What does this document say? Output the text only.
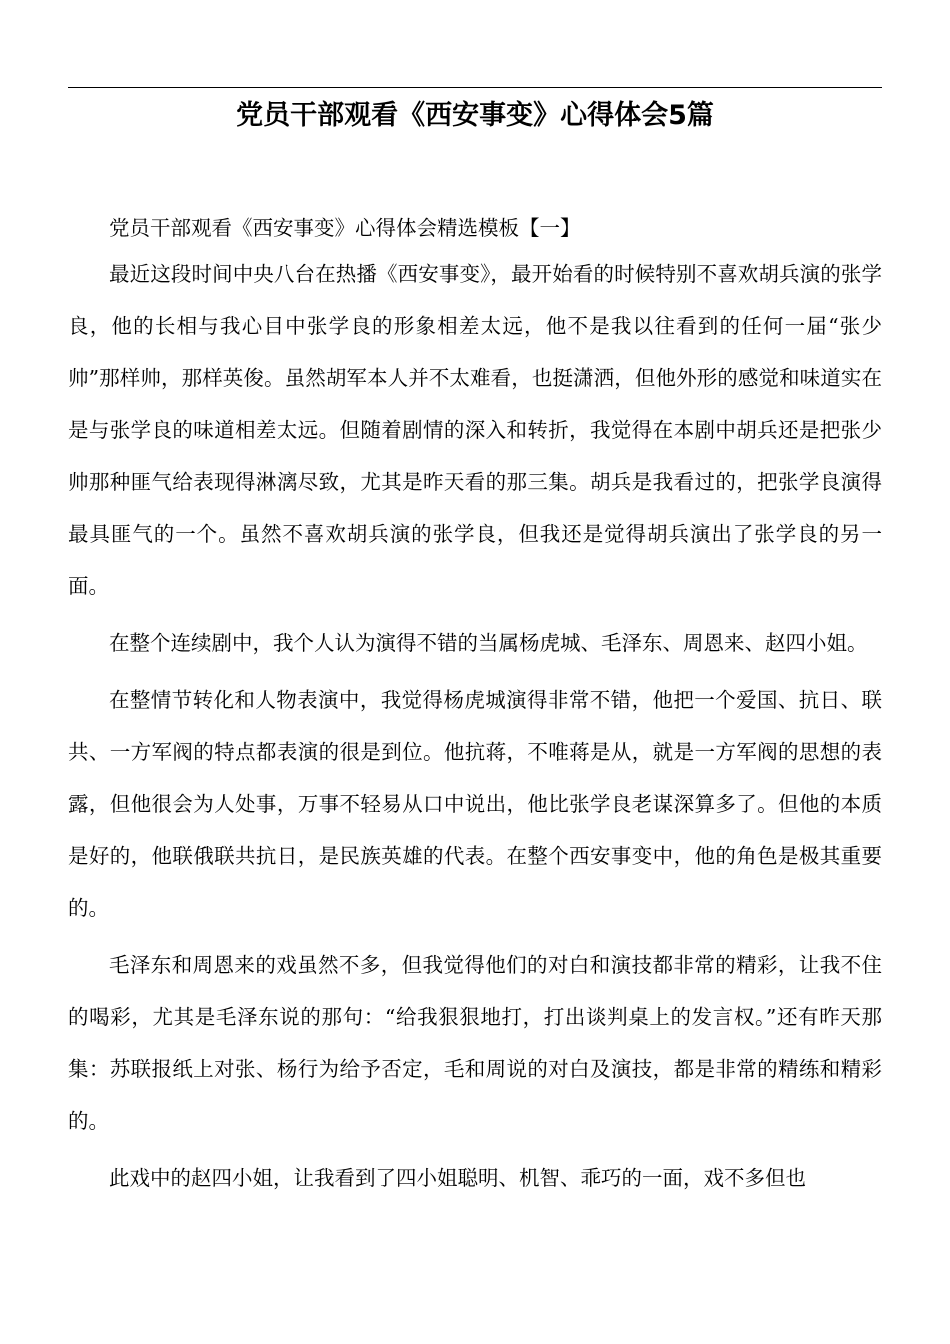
党员干部观看《西安事变》心得体会5篇

党员干部观看《西安事变》心得体会精选模板【一】

最近这段时间中央八台在热播《西安事变》，最开始看的时候特别不喜欢胡兵演的张学良，他的长相与我心目中张学良的形象相差太远，他不是我以往看到的任何一届“张少帅”那样帅，那样英俊。虽然胡军本人并不太难看，也挺潇洒，但他外形的感觉和味道实在是与张学良的味道相差太远。但随着剧情的深入和转折，我觉得在本剧中胡兵还是把张少帅那种匪气给表现得淋漓尽致，尤其是昨天看的那三集。胡兵是我看过的，把张学良演得最具匪气的一个。虽然不喜欢胡兵演的张学良，但我还是觉得胡兵演出了张学良的另一面。

在整个连续剧中，我个人认为演得不错的当属杨虎城、毛泽东、周恩来、赵四小姐。

在整情节转化和人物表演中，我觉得杨虎城演得非常不错，他把一个爱国、抗日、联共、一方军阀的特点都表演的很是到位。他抗蒋，不唯蒋是从，就是一方军阀的思想的表露，但他很会为人处事，万事不轻易从口中说出，他比张学良老谋深算多了。但他的本质是好的，他联俄联共抗日，是民族英雄的代表。在整个西安事变中，他的角色是极其重要的。

毛泽东和周恩来的戏虽然不多，但我觉得他们的对白和演技都非常的精彩，让我不住的喝彩，尤其是毛泽东说的那句：“给我狠狠地打，打出谈判桌上的发言权。”还有昨天那集：苏联报纸上对张、杨行为给予否定，毛和周说的对白及演技，都是非常的精练和精彩的。

此戏中的赵四小姐，让我看到了四小姐聪明、机智、乖巧的一面，戏不多但也
